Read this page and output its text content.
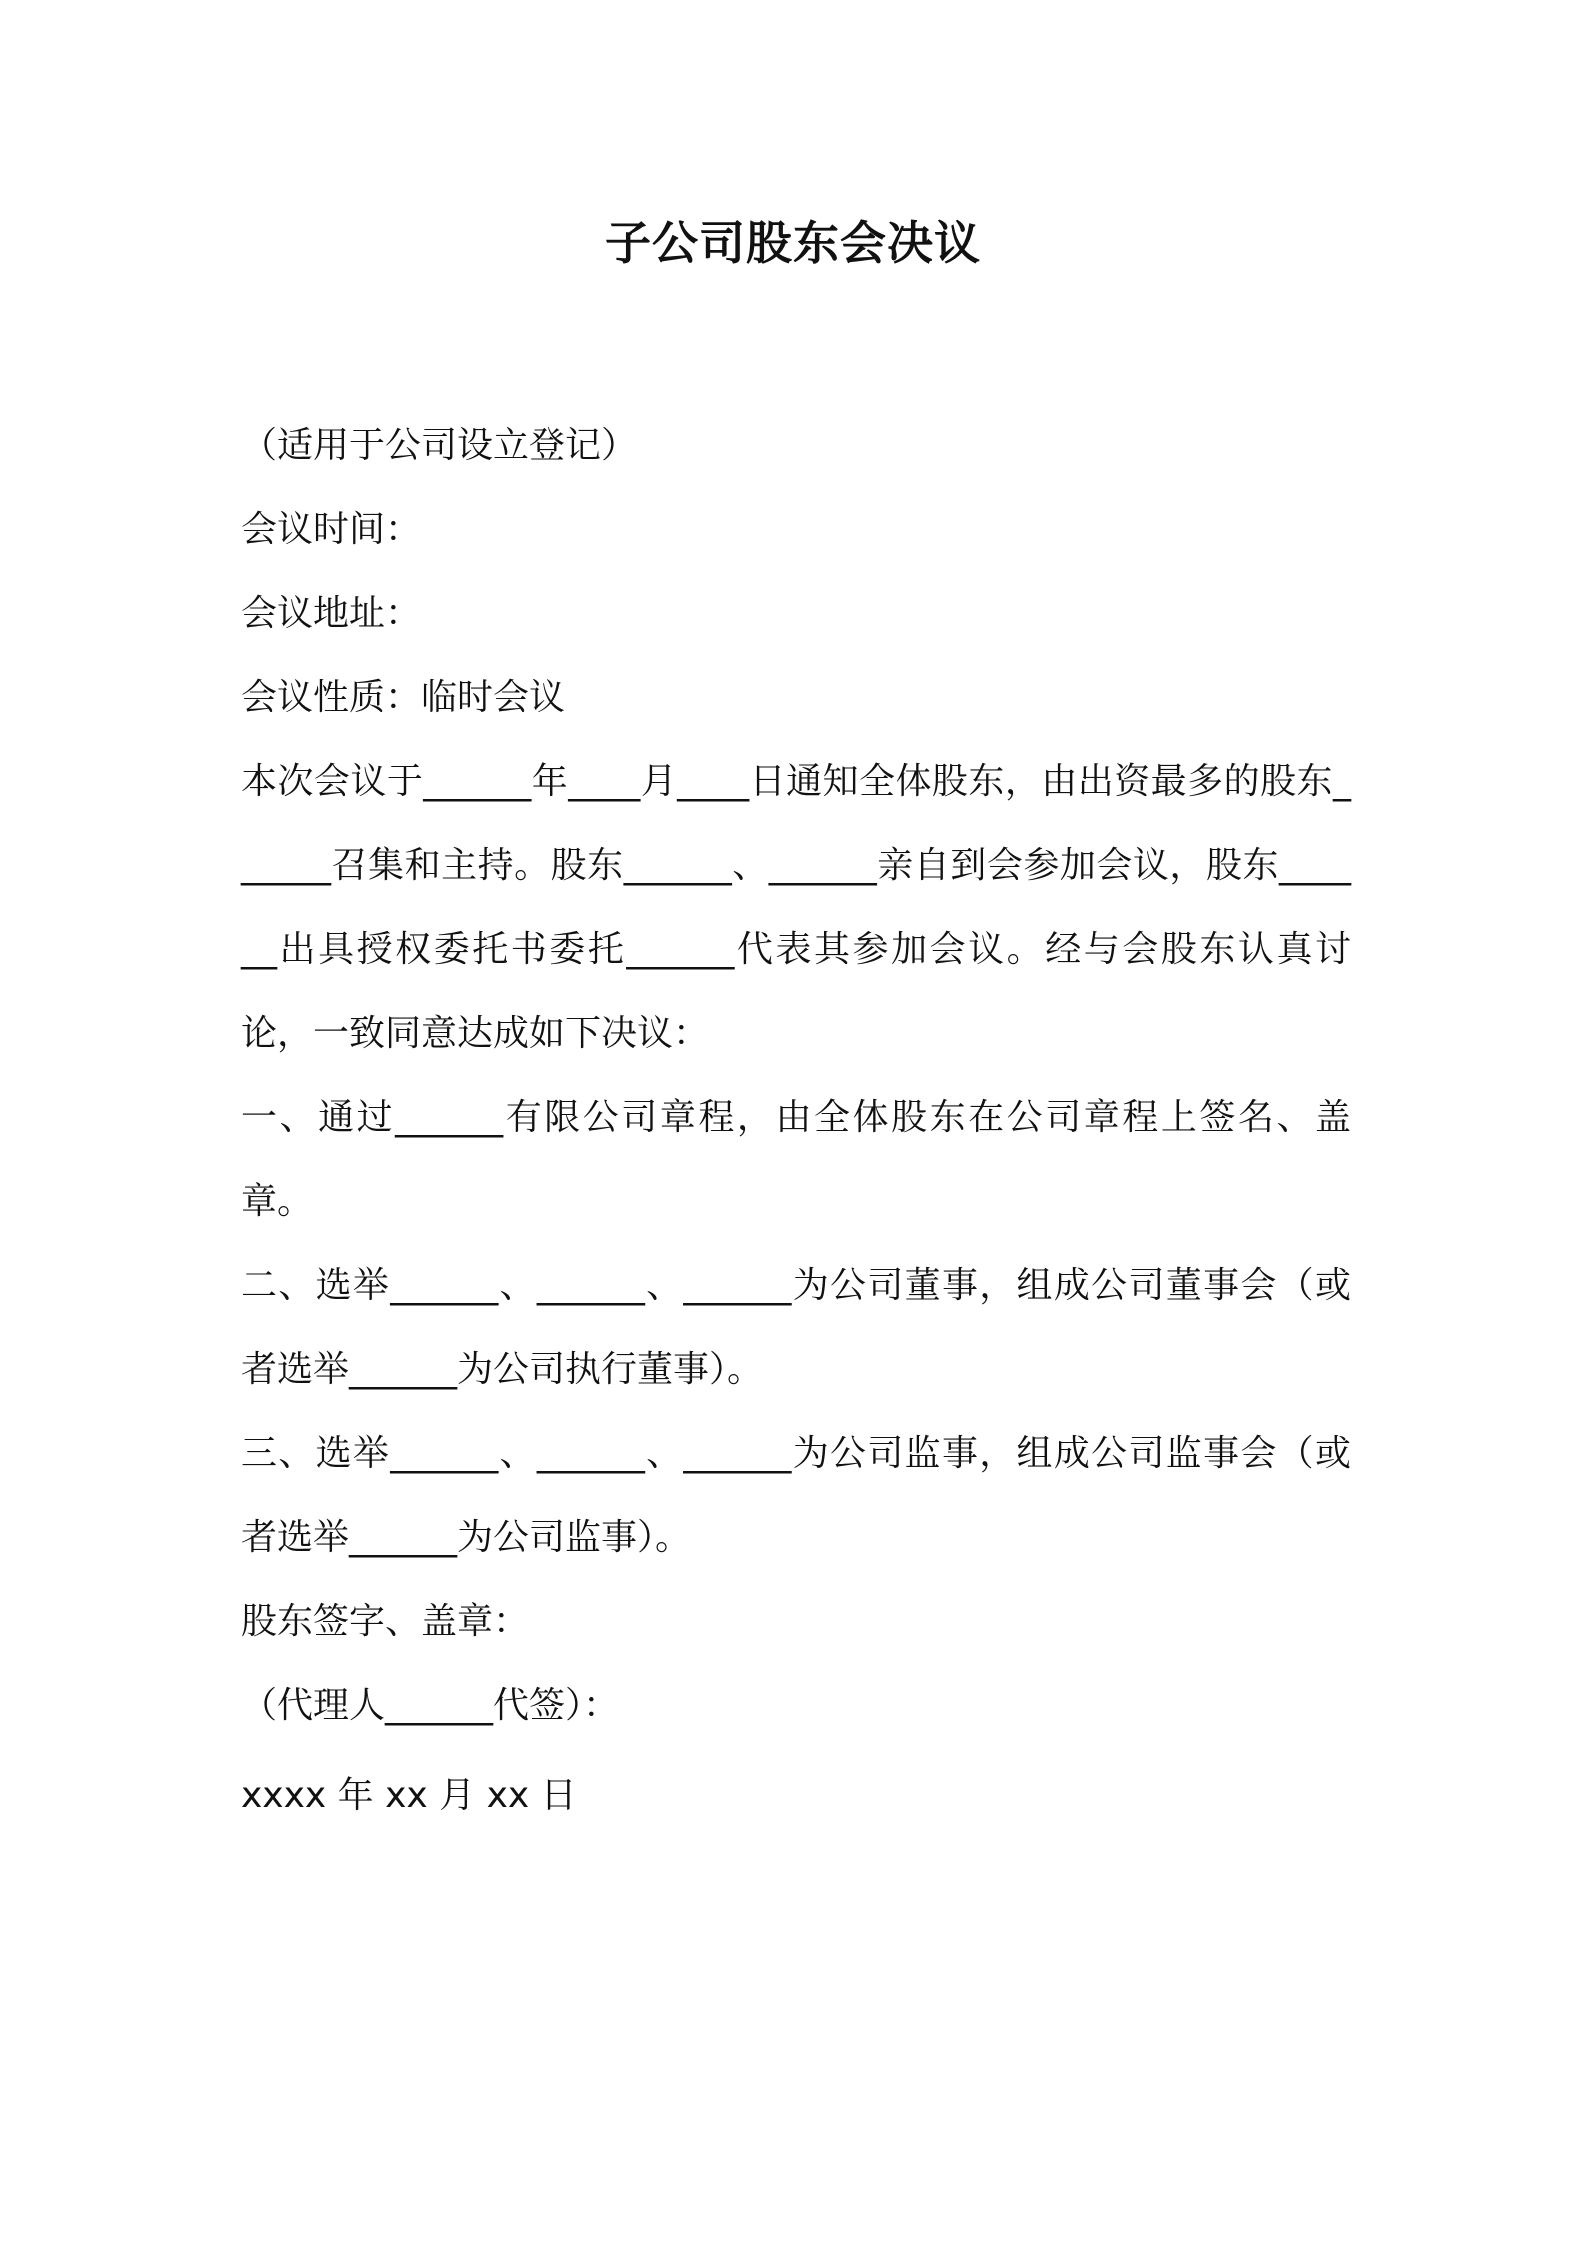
子公司股东会决议

（适用于公司设立登记）

会议时间：

会议地址：

会议性质：临时会议

本次会议于______年____月____日通知全体股东，由出资最多的股东______召集和主持。股东______、______亲自到会参加会议，股东______出具授权委托书委托______代表其参加会议。经与会股东认真讨论，一致同意达成如下决议：

一、通过______有限公司章程，由全体股东在公司章程上签名、盖章。

二、选举______、______、______为公司董事，组成公司董事会（或者选举______为公司执行董事）。

三、选举______、______、______为公司监事，组成公司监事会（或者选举______为公司监事）。

股东签字、盖章：

（代理人______代签）：

xxxx 年 xx 月 xx 日
